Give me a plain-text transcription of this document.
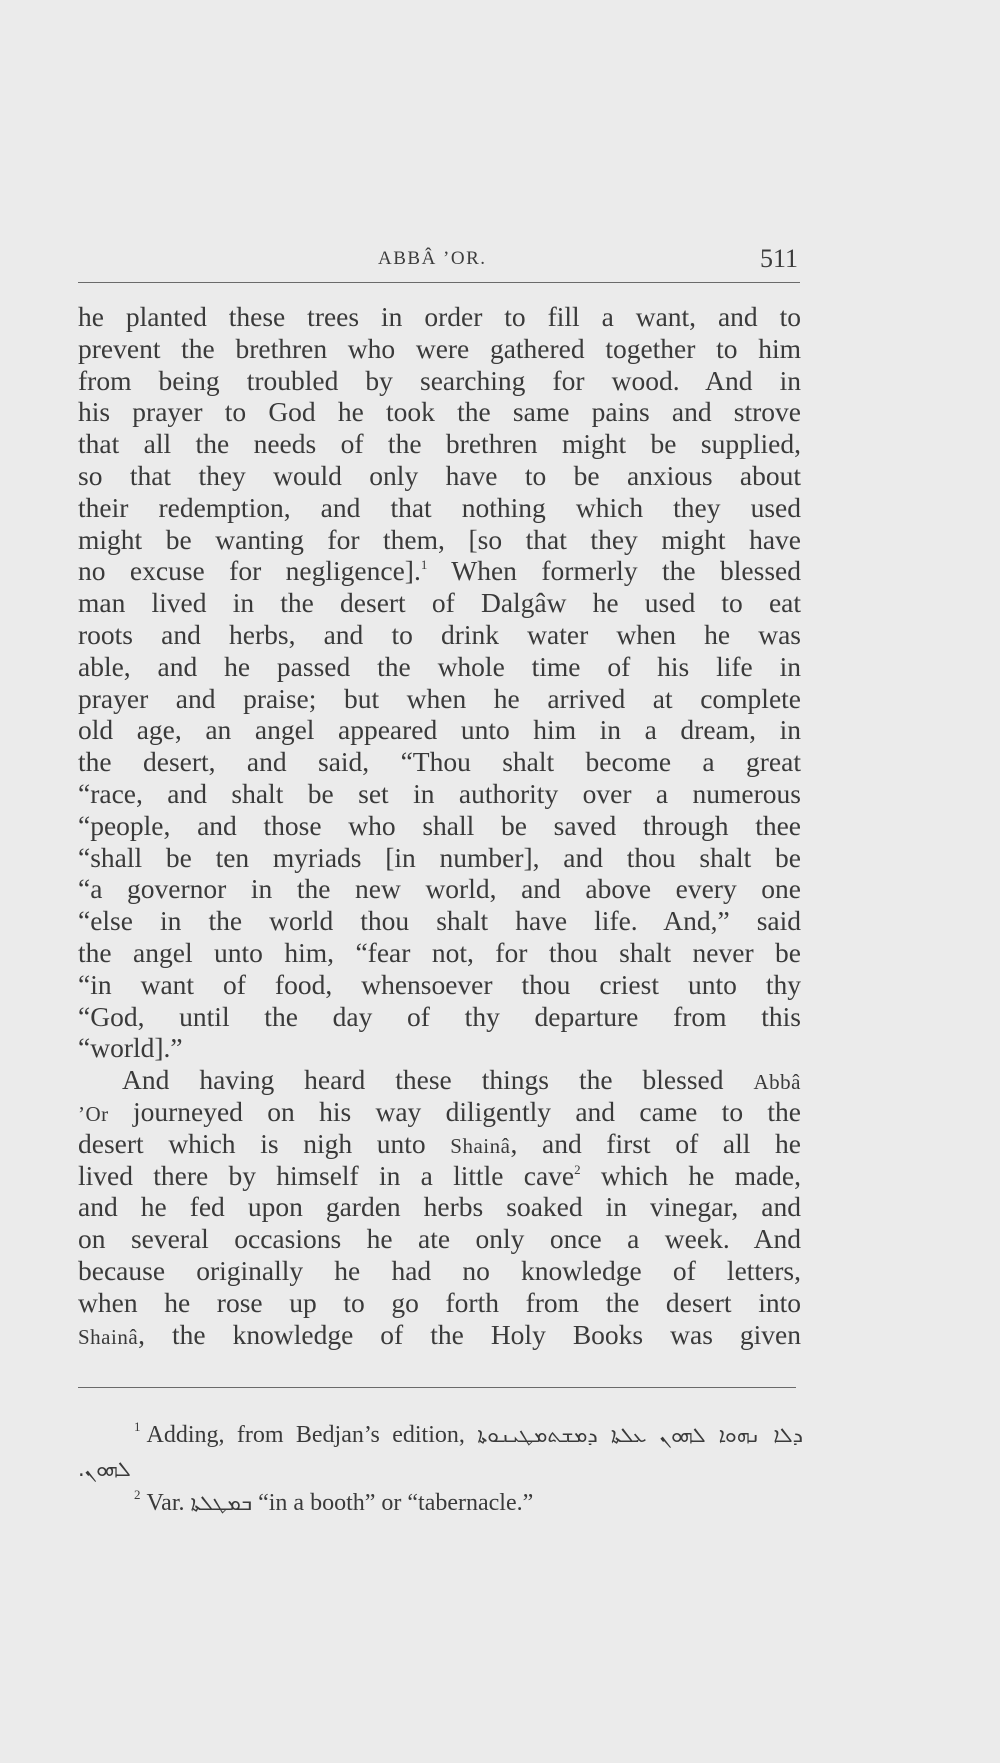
ABBÂ ’OR.	511
he planted these trees in order to fill a want, and to
prevent the brethren who were gathered together to him
from being troubled by searching for wood. And in
his prayer to God he took the same pains and strove
that all the needs of the brethren might be supplied,
so that they would only have to be anxious about
their redemption, and that nothing which they used
might be wanting for them, [so that they might have
no excuse for negligence].$^1$ When formerly the blessed
man lived in the desert of Dalgâw he used to eat
roots and herbs, and to drink water when he was
able, and he passed the whole time of his life in
prayer and praise; but when he arrived at complete
old age, an angel appeared unto him in a dream, in
the desert, and said, “Thou shalt become a great
“race, and shalt be set in authority over a numerous
“people, and those who shall be saved through thee
“shall be ten myriads [in number], and thou shalt be
“a governor in the new world, and above every one
“else in the world thou shalt have life. And,” said
the angel unto him, “fear not, for thou shalt never be
“in want of food, whensoever thou criest unto thy
“God, until the day of thy departure from this
“world].”
And having heard these things the blessed Abbâ
’Or journeyed on his way diligently and came to the
desert which is nigh unto Shainâ, and first of all he
lived there by himself in a little cave$^2$ which he made,
and he fed upon garden herbs soaked in vinegar, and
on several occasions he ate only once a week. And
because originally he had no knowledge of letters,
when he rose up to go forth from the desert into
Shainâ, the knowledge of the Holy Books was given
$^1$ Adding, from Bedjan’s edition, ܕܠܐ ܢܗܘܐ ܠܗܘܢ ܥܠܬܐ ܕܡܫܬܡܛܝܢܘܬܐ
ܠܗܘܢ.
$^2$ Var. ܒܡܛܠܬܐ “in a booth” or “tabernacle.”
